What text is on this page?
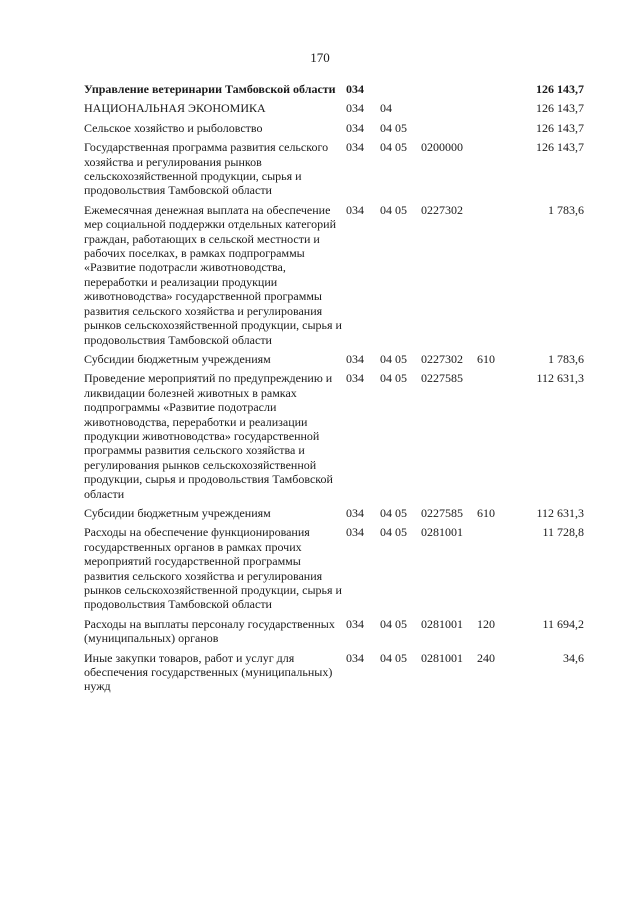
170
Управление ветеринарии Тамбовской области	034				126 143,7
НАЦИОНАЛЬНАЯ ЭКОНОМИКА	034	04			126 143,7
Сельское хозяйство и рыболовство	034	04 05			126 143,7
Государственная программа развития сельского хозяйства и регулирования рынков сельскохозяйственной продукции, сырья и продовольствия Тамбовской области	034	04 05	0200000		126 143,7
Ежемесячная денежная выплата на обеспечение мер социальной поддержки отдельных категорий граждан, работающих в сельской местности и рабочих поселках, в рамках подпрограммы «Развитие подотрасли животноводства, переработки и реализации продукции животноводства» государственной программы развития сельского хозяйства и регулирования рынков сельскохозяйственной продукции, сырья и продовольствия Тамбовской области	034	04 05	0227302		1 783,6
Субсидии бюджетным учреждениям	034	04 05	0227302	610	1 783,6
Проведение мероприятий по предупреждению и ликвидации болезней животных в рамках подпрограммы «Развитие подотрасли животноводства, переработки и реализации продукции животноводства» государственной программы развития сельского хозяйства и регулирования рынков сельскохозяйственной продукции, сырья и продовольствия Тамбовской области	034	04 05	0227585		112 631,3
Субсидии бюджетным учреждениям	034	04 05	0227585	610	112 631,3
Расходы на обеспечение функционирования государственных органов в рамках прочих мероприятий государственной программы развития сельского хозяйства и регулирования рынков сельскохозяйственной продукции, сырья и продовольствия Тамбовской области	034	04 05	0281001		11 728,8
Расходы на выплаты персоналу государственных (муниципальных) органов	034	04 05	0281001	120	11 694,2
Иные закупки товаров, работ и услуг для обеспечения государственных (муниципальных) нужд	034	04 05	0281001	240	34,6
